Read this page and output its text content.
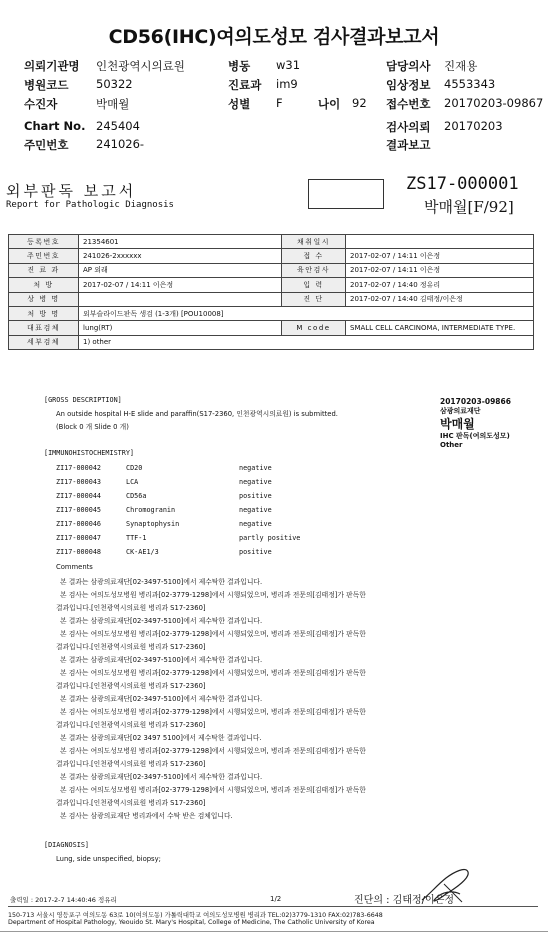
CD56(IHC)여의도성모 검사결과보고서
의뢰기관명 인천광역시의료원
병원코드 50322
수진자	박매월
Chart No. 245404
주민번호 241026-
병동 w31
진료과 im9
성별 F	나이 92
담당의사 진재용
임상정보 4553343
접수번호 20170203-09867
검사의뢰 20170203
결과보고
외부판독 보고서
Report for Pathologic Diagnosis
ZS17-000001
박매월[F/92]
등록번호	21354601	채취일시	
주민번호	241026-2xxxxxx	접 수	2017-02-07 / 14:11 이은정
진 료 과	AP 외래	육안검사	2017-02-07 / 14:11 이은정
처 방	2017-02-07 / 14:11 이은정	입 력	2017-02-07 / 14:40 정유리
상 병 명		진 단	2017-02-07 / 14:40 김태정/이은정
처 방 명	외부슬라이드판독 생검 (1-3개) [POU10008]		
대표검체	lung(RT)	M code	SMALL CELL CARCINOMA, INTERMEDIATE TYPE.
세부검체	1) other		
20170203-09866
삼광의료재단
박매월
IHC 판독(여의도성모)
Other
[GROSS DESCRIPTION]
An outside hospital H-E slide and paraffin(S17-2360, 인천광역시의료원) is submitted.
(Block 0 개 Slide 0 개)
[IMMUNOHISTOCHEMISTRY]
ZI17-000042	CD20	negative
ZI17-000043	LCA	negative
ZI17-000044	CD56a	positive
ZI17-000045	Chromogranin	negative
ZI17-000046	Synaptophysin	negative
ZI17-000047	TTF-1	partly positive
ZI17-000048	CK-AE1/3	positive
Comments
본 결과는 삼광의료재단[02-3497-5100]에서 제수탁한 결과입니다.
본 검사는 여의도성모병원 병리과[02-3779-1298]에서 시행되었으며, 병리과 전문의[김태정]가 판독한
결과입니다.[인천광역시의료원 병리과 S17-2360]
본 결과는 삼광의료재단[02-3497-5100]에서 제수탁한 결과입니다.
본 검사는 여의도성모병원 병리과[02-3779-1298]에서 시행되었으며, 병리과 전문의[김태정]가 판독한
결과입니다.[인천광역시의료원 병리과 S17-2360]
본 결과는 삼광의료재단[02-3497-5100]에서 제수탁한 결과입니다.
본 검사는 여의도성모병원 병리과[02-3779-1298]에서 시행되었으며, 병리과 전문의[김태정]가 판독한
결과입니다.[인천광역시의료원 병리과 S17-2360]
본 결과는 삼광의료재단[02-3497-5100]에서 제수탁한 결과입니다.
본 검사는 여의도성모병원 병리과[02-3779-1298]에서 시행되었으며, 병리과 전문의[김태정]가 판독한
결과입니다.[인천광역시의료원 병리과 S17-2360]
본 결과는 삼광의료재단[02 3497 5100]에서 제수탁한 결과입니다.
본 검사는 여의도성모병원 병리과[02-3779-1298]에서 시행되었으며, 병리과 전문의[김태정]가 판독한
결과입니다.[인천광역시의료원 병리과 S17-2360]
본 결과는 삼광의료재단[02-3497-5100]에서 제수탁한 결과입니다.
본 검사는 여의도성모병원 병리과[02-3779-1298]에서 시행되었으며, 병리과 전문의[김태정]가 판독한
결과입니다.[인천광역시의료원 병리과 S17-2360]
본 검사는 삼광의료재단 병리과에서 수탁 받은 검체입니다.
[DIAGNOSIS]
Lung, side unspecified, biopsy;
출력일 : 2017-2-7 14:40:46 정유리	1/2	진단의 : 김태정/이은정
150-713 서울시 영등포구 여의도동 63로 10(여의도동) 가톨릭대학교 여의도성모병원 병리과 TEL:02)3779-1310 FAX:02)783-6648
Department of Hospital Pathology, Yeouido St. Mary's Hospital, College of Medicine, The Catholic University of Korea
